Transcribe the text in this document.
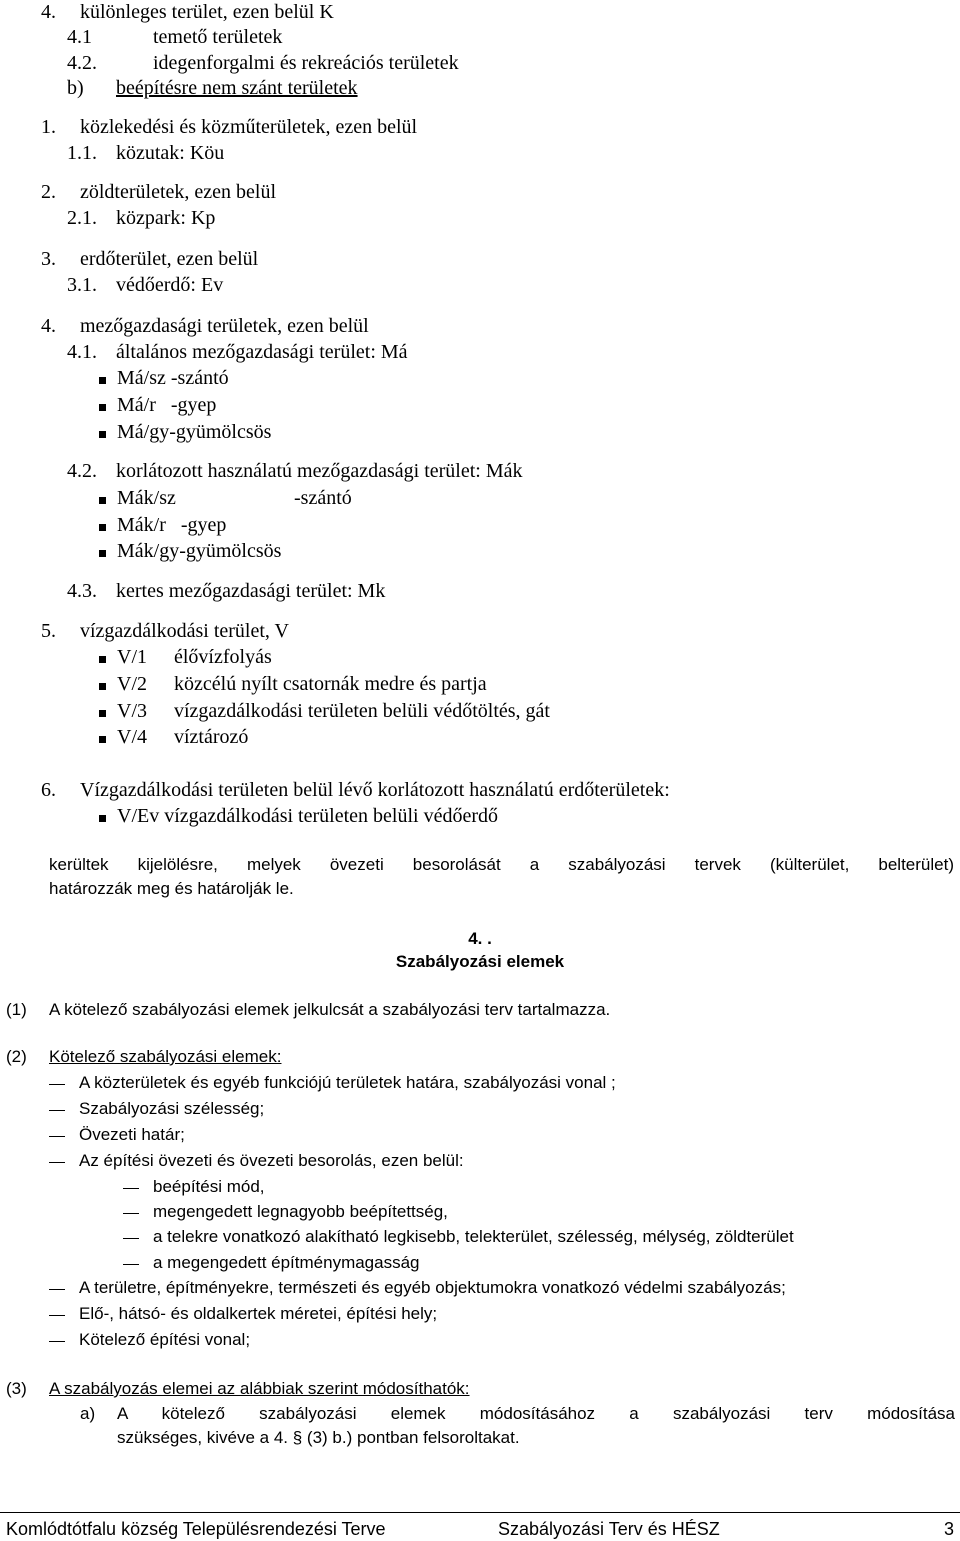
4. különleges terület, ezen belül K
4.1	temető területek
4.2.	idegenforgalmi és rekreációs területek
b) beépítésre nem szánt területek
1. közlekedési és közműterületek, ezen belül
1.1. közutak: Köu
2. zöldterületek, ezen belül
2.1. közpark: Kp
3. erdőterület, ezen belül
3.1. védőerdő: Ev
4. mezőgazdasági területek, ezen belül
4.1. általános mezőgazdasági terület: Má
Má/sz -szántó
Má/r   -gyep
Má/gy-gyümölcsös
4.2. korlátozott használatú mezőgazdasági terület: Mák
Mák/sz	-szántó
Mák/r   -gyep
Mák/gy-gyümölcsös
4.3. kertes mezőgazdasági terület: Mk
5. vízgazdálkodási terület, V
V/1 élővízfolyás
V/2 közcélú nyílt csatornák medre és partja
V/3 vízgazdálkodási területen belüli védőtöltés, gát
V/4 víztározó
6. Vízgazdálkodási területen belül lévő korlátozott használatú erdőterületek:
V/Ev vízgazdálkodási területen belüli védőerdő
kerültek kijelölésre, melyek övezeti besorolását a szabályozási tervek (külterület, belterület)
határozzák meg és határolják le.
4. .
Szabályozási elemek
(1) A kötelező szabályozási elemek jelkulcsát a szabályozási terv tartalmazza.
(2) Kötelező szabályozási elemek:
A közterületek és egyéb funkciójú területek határa, szabályozási vonal ;
Szabályozási szélesség;
Övezeti határ;
Az építési övezeti és övezeti besorolás, ezen belül:
beépítési mód,
megengedett legnagyobb beépítettség,
a telekre vonatkozó alakítható legkisebb, telekterület, szélesség, mélység, zöldterület
a megengedett építménymagasság
A területre, építményekre, természeti és egyéb objektumokra vonatkozó védelmi szabályozás;
Elő-, hátsó- és oldalkertek méretei, építési hely;
Kötelező építési vonal;
(3) A szabályozás elemei az alábbiak szerint módosíthatók:
a) A kötelező szabályozási elemek módosításához a szabályozási terv módosítása
szükséges, kivéve a 4. § (3) b.) pontban felsoroltakat.
Komlódtótfalu község Településrendezési Terve	Szabályozási Terv és HÉSZ	3
